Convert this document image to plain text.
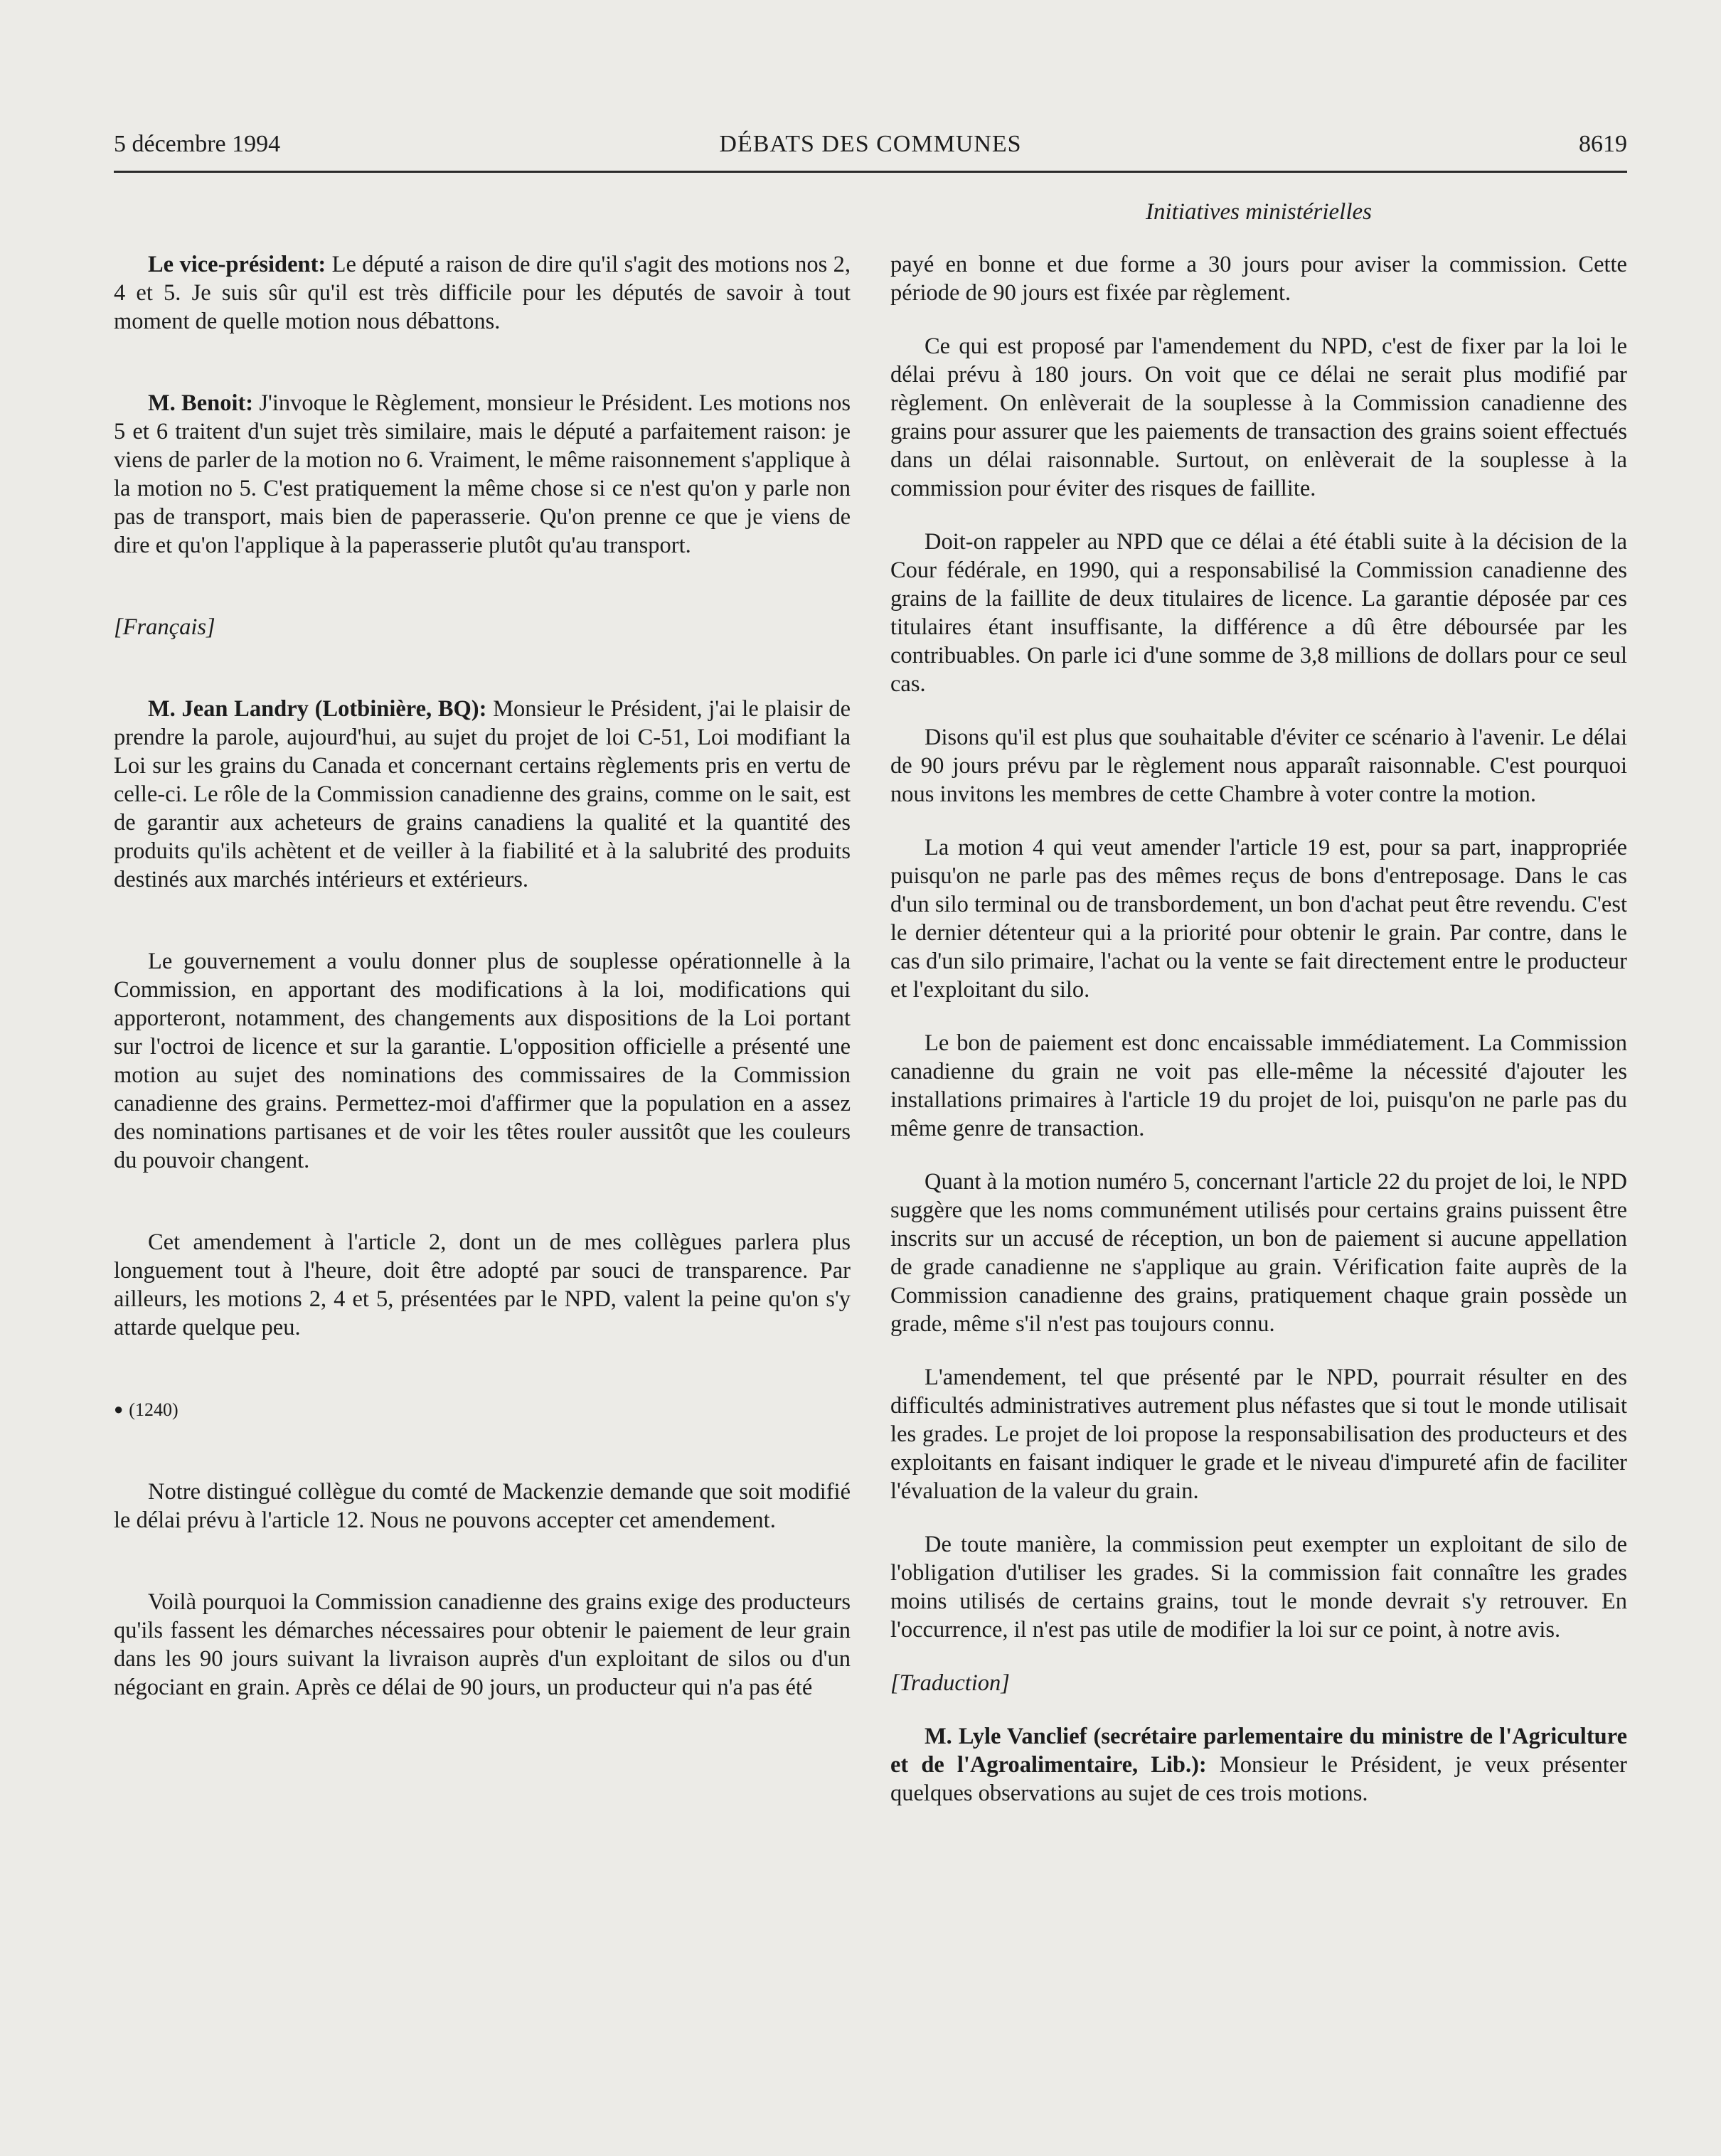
5 décembre 1994	DÉBATS DES COMMUNES	8619
Initiatives ministérielles

Le vice-président: Le député a raison de dire qu'il s'agit des motions nos 2, 4 et 5. Je suis sûr qu'il est très difficile pour les députés de savoir à tout moment de quelle motion nous débattons.

M. Benoit: J'invoque le Règlement, monsieur le Président. Les motions nos 5 et 6 traitent d'un sujet très similaire, mais le député a parfaitement raison: je viens de parler de la motion no 6. Vraiment, le même raisonnement s'applique à la motion no 5. C'est pratiquement la même chose si ce n'est qu'on y parle non pas de transport, mais bien de paperasserie. Qu'on prenne ce que je viens de dire et qu'on l'applique à la paperasserie plutôt qu'au transport.

[Français]

M. Jean Landry (Lotbinière, BQ): Monsieur le Président, j'ai le plaisir de prendre la parole, aujourd'hui, au sujet du projet de loi C-51, Loi modifiant la Loi sur les grains du Canada et concernant certains règlements pris en vertu de celle-ci. Le rôle de la Commission canadienne des grains, comme on le sait, est de garantir aux acheteurs de grains canadiens la qualité et la quantité des produits qu'ils achètent et de veiller à la fiabilité et à la salubrité des produits destinés aux marchés intérieurs et extérieurs.

Le gouvernement a voulu donner plus de souplesse opérationnelle à la Commission, en apportant des modifications à la loi, modifications qui apporteront, notamment, des changements aux dispositions de la Loi portant sur l'octroi de licence et sur la garantie. L'opposition officielle a présenté une motion au sujet des nominations des commissaires de la Commission canadienne des grains. Permettez-moi d'affirmer que la population en a assez des nominations partisanes et de voir les têtes rouler aussitôt que les couleurs du pouvoir changent.

Cet amendement à l'article 2, dont un de mes collègues parlera plus longuement tout à l'heure, doit être adopté par souci de transparence. Par ailleurs, les motions 2, 4 et 5, présentées par le NPD, valent la peine qu'on s'y attarde quelque peu.

● (1240)

Notre distingué collègue du comté de Mackenzie demande que soit modifié le délai prévu à l'article 12. Nous ne pouvons accepter cet amendement.

Voilà pourquoi la Commission canadienne des grains exige des producteurs qu'ils fassent les démarches nécessaires pour obtenir le paiement de leur grain dans les 90 jours suivant la livraison auprès d'un exploitant de silos ou d'un négociant en grain. Après ce délai de 90 jours, un producteur qui n'a pas été

payé en bonne et due forme a 30 jours pour aviser la commission. Cette période de 90 jours est fixée par règlement.

Ce qui est proposé par l'amendement du NPD, c'est de fixer par la loi le délai prévu à 180 jours. On voit que ce délai ne serait plus modifié par règlement. On enlèverait de la souplesse à la Commission canadienne des grains pour assurer que les paiements de transaction des grains soient effectués dans un délai raisonnable. Surtout, on enlèverait de la souplesse à la commission pour éviter des risques de faillite.

Doit-on rappeler au NPD que ce délai a été établi suite à la décision de la Cour fédérale, en 1990, qui a responsabilisé la Commission canadienne des grains de la faillite de deux titulaires de licence. La garantie déposée par ces titulaires étant insuffisante, la différence a dû être déboursée par les contribuables. On parle ici d'une somme de 3,8 millions de dollars pour ce seul cas.

Disons qu'il est plus que souhaitable d'éviter ce scénario à l'avenir. Le délai de 90 jours prévu par le règlement nous apparaît raisonnable. C'est pourquoi nous invitons les membres de cette Chambre à voter contre la motion.

La motion 4 qui veut amender l'article 19 est, pour sa part, inappropriée puisqu'on ne parle pas des mêmes reçus de bons d'entreposage. Dans le cas d'un silo terminal ou de transbordement, un bon d'achat peut être revendu. C'est le dernier détenteur qui a la priorité pour obtenir le grain. Par contre, dans le cas d'un silo primaire, l'achat ou la vente se fait directement entre le producteur et l'exploitant du silo.

Le bon de paiement est donc encaissable immédiatement. La Commission canadienne du grain ne voit pas elle-même la nécessité d'ajouter les installations primaires à l'article 19 du projet de loi, puisqu'on ne parle pas du même genre de transaction.

Quant à la motion numéro 5, concernant l'article 22 du projet de loi, le NPD suggère que les noms communément utilisés pour certains grains puissent être inscrits sur un accusé de réception, un bon de paiement si aucune appellation de grade canadienne ne s'applique au grain. Vérification faite auprès de la Commission canadienne des grains, pratiquement chaque grain possède un grade, même s'il n'est pas toujours connu.

L'amendement, tel que présenté par le NPD, pourrait résulter en des difficultés administratives autrement plus néfastes que si tout le monde utilisait les grades. Le projet de loi propose la responsabilisation des producteurs et des exploitants en faisant indiquer le grade et le niveau d'impureté afin de faciliter l'évaluation de la valeur du grain.

De toute manière, la commission peut exempter un exploitant de silo de l'obligation d'utiliser les grades. Si la commission fait connaître les grades moins utilisés de certains grains, tout le monde devrait s'y retrouver. En l'occurrence, il n'est pas utile de modifier la loi sur ce point, à notre avis.

[Traduction]

M. Lyle Vanclief (secrétaire parlementaire du ministre de l'Agriculture et de l'Agroalimentaire, Lib.): Monsieur le Président, je veux présenter quelques observations au sujet de ces trois motions.
